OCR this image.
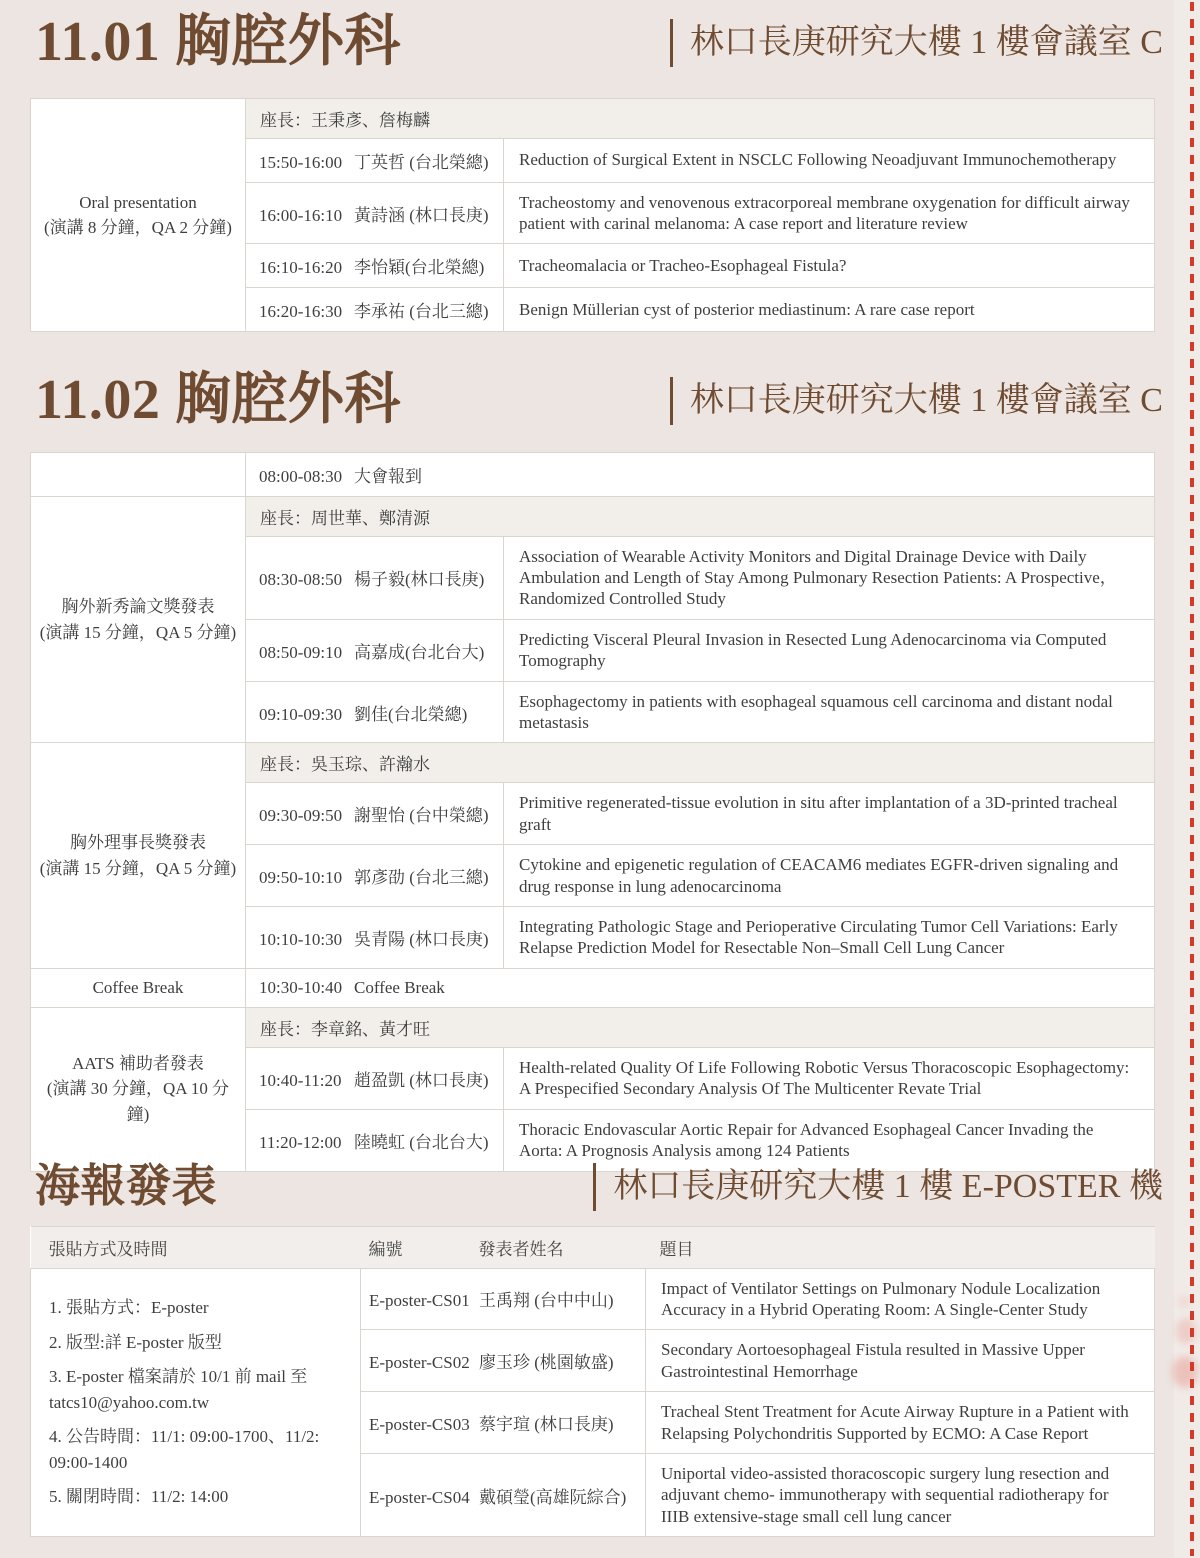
11.01 胸腔外科	林口長庚研究大樓 1 樓會議室 C
Oral presentation
(演講 8 分鐘，QA 2 分鐘)	座長：王秉彥、詹梅麟	
	15:50-16:00 丁英哲 (台北榮總)	Reduction of Surgical Extent in NSCLC Following Neoadjuvant Immunochemotherapy
	16:00-16:10 黃詩涵 (林口長庚)	Tracheostomy and venovenous extracorporeal membrane oxygenation for difficult airway patient with carinal melanoma: A case report and literature review
	16:10-16:20 李怡穎(台北榮總)	Tracheomalacia or Tracheo-Esophageal Fistula?
	16:20-16:30 李承祐 (台北三總)	Benign Müllerian cyst of posterior mediastinum: A rare case report
11.02 胸腔外科	林口長庚研究大樓 1 樓會議室 C
	08:00-08:30 大會報到	

胸外新秀論文獎發表
(演講 15 分鐘，QA 5 分鐘)	座長：周世華、鄭清源	
	08:30-08:50 楊子毅(林口長庚)	Association of Wearable Activity Monitors and Digital Drainage Device with Daily Ambulation and Length of Stay Among Pulmonary Resection Patients: A Prospective，Randomized Controlled Study
	08:50-09:10 高嘉成(台北台大)	Predicting Visceral Pleural Invasion in Resected Lung Adenocarcinoma via Computed Tomography
	09:10-09:30 劉佳(台北榮總)	Esophagectomy in patients with esophageal squamous cell carcinoma and distant nodal metastasis

胸外理事長獎發表
(演講 15 分鐘，QA 5 分鐘)	座長：吳玉琮、許瀚水	
	09:30-09:50 謝聖怡 (台中榮總)	Primitive regenerated-tissue evolution in situ after implantation of a 3D-printed tracheal graft
	09:50-10:10 郭彥劭 (台北三總)	Cytokine and epigenetic regulation of CEACAM6 mediates EGFR-driven signaling and drug response in lung adenocarcinoma
	10:10-10:30 吳青陽 (林口長庚)	Integrating Pathologic Stage and Perioperative Circulating Tumor Cell Variations: Early Relapse Prediction Model for Resectable Non–Small Cell Lung Cancer
Coffee Break	10:30-10:40 Coffee Break	

AATS 補助者發表
(演講 30 分鐘，QA 10 分鐘)	座長：李章銘、黃才旺	
	10:40-11:20 趙盈凱 (林口長庚)	Health-related Quality Of Life Following Robotic Versus Thoracoscopic Esophagectomy: A Prespecified Secondary Analysis Of The Multicenter Revate Trial
	11:20-12:00 陸曉虹 (台北台大)	Thoracic Endovascular Aortic Repair for Advanced Esophageal Cancer Invading the Aorta: A Prognosis Analysis among 124 Patients
海報發表	林口長庚研究大樓 1 樓 E-POSTER 機
張貼方式及時間	編號 發表者姓名	題目

1. 張貼方式：E-poster
2. 版型:詳 E-poster 版型
3. E-poster 檔案請於 10/1 前 mail 至 tatcs10@yahoo.com.tw
4. 公告時間：11/1: 09:00-1700、11/2: 09:00-1400
5. 關閉時間：11/2: 14:00	E-poster-CS01 王禹翔 (台中中山)	Impact of Ventilator Settings on Pulmonary Nodule Localization Accuracy in a Hybrid Operating Room: A Single-Center Study
	E-poster-CS02 廖玉珍 (桃園敏盛)	Secondary Aortoesophageal Fistula resulted in Massive Upper Gastrointestinal Hemorrhage
	E-poster-CS03 蔡宇瑄 (林口長庚)	Tracheal Stent Treatment for Acute Airway Rupture in a Patient with Relapsing Polychondritis Supported by ECMO: A Case Report
	E-poster-CS04 戴碩瑩(高雄阮綜合)	Uniportal video-assisted thoracoscopic surgery lung resection and adjuvant chemo- immunotherapy with sequential radiotherapy for IIIB extensive-stage small cell lung cancer
